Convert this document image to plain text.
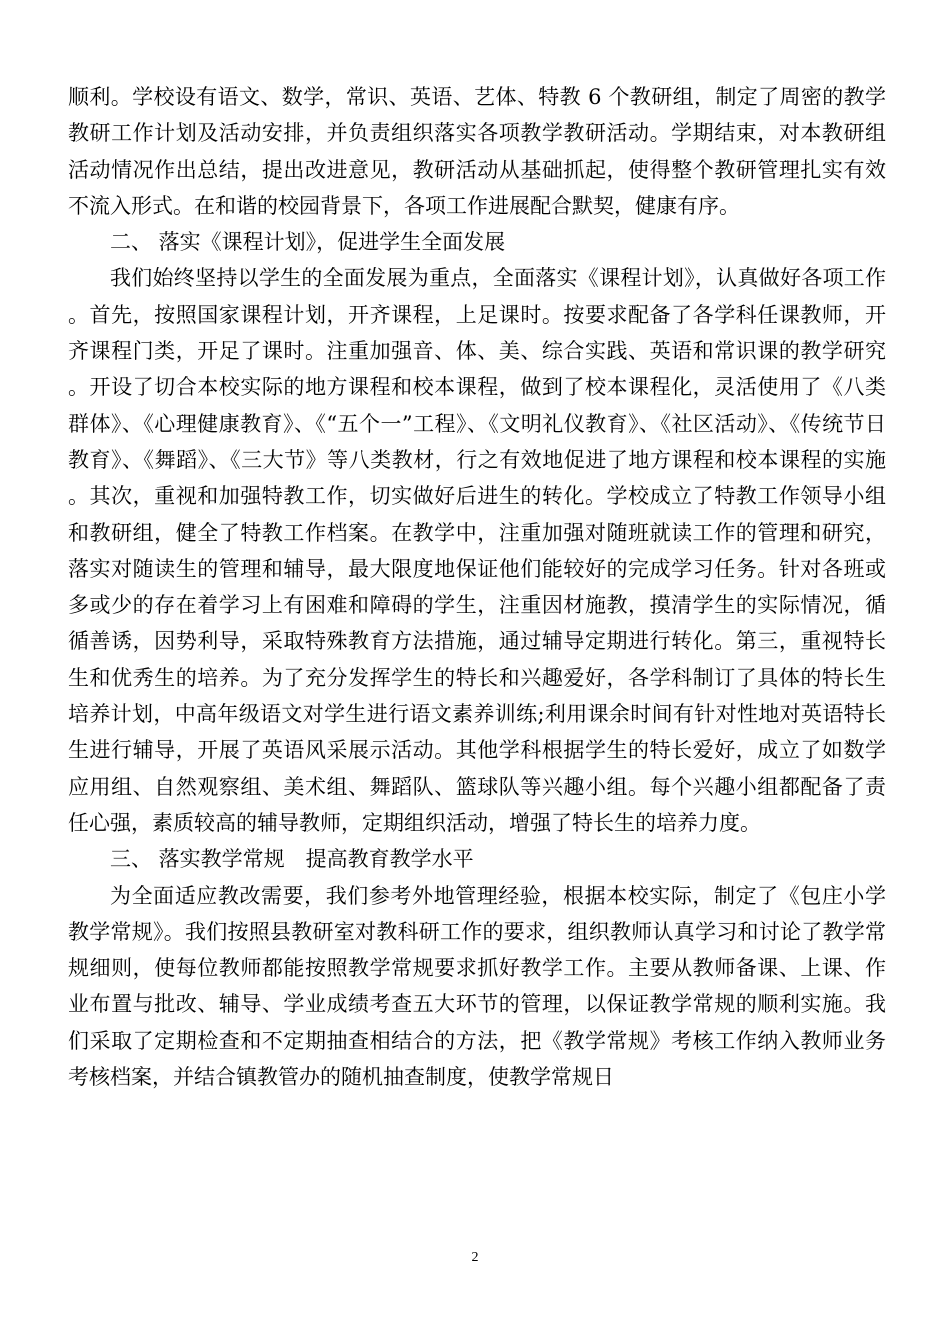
顺利。学校设有语文、数学，常识、英语、艺体、特教 6 个教研组，制定了周密的教学教研工作计划及活动安排，并负责组织落实各项教学教研活动。学期结束，对本教研组活动情况作出总结，提出改进意见，教研活动从基础抓起，使得整个教研管理扎实有效不流入形式。在和谐的校园背景下，各项工作进展配合默契，健康有序。

二、 落实《课程计划》，促进学生全面发展

我们始终坚持以学生的全面发展为重点，全面落实《课程计划》，认真做好各项工作。首先，按照国家课程计划，开齐课程，上足课时。按要求配备了各学科任课教师，开齐课程门类，开足了课时。注重加强音、体、美、综合实践、英语和常识课的教学研究。开设了切合本校实际的地方课程和校本课程，做到了校本课程化，灵活使用了《八类群体》、《心理健康教育》、《“五个一”工程》、《文明礼仪教育》、《社区活动》、《传统节日教育》、《舞蹈》、《三大节》等八类教材，行之有效地促进了地方课程和校本课程的实施。其次，重视和加强特教工作，切实做好后进生的转化。学校成立了特教工作领导小组和教研组，健全了特教工作档案。在教学中，注重加强对随班就读工作的管理和研究，落实对随读生的管理和辅导，最大限度地保证他们能较好的完成学习任务。针对各班或多或少的存在着学习上有困难和障碍的学生，注重因材施教，摸清学生的实际情况，循循善诱，因势利导，采取特殊教育方法措施，通过辅导定期进行转化。第三，重视特长生和优秀生的培养。为了充分发挥学生的特长和兴趣爱好，各学科制订了具体的特长生培养计划，中高年级语文对学生进行语文素养训练;利用课余时间有针对性地对英语特长生进行辅导，开展了英语风采展示活动。其他学科根据学生的特长爱好，成立了如数学应用组、自然观察组、美术组、舞蹈队、篮球队等兴趣小组。每个兴趣小组都配备了责任心强，素质较高的辅导教师，定期组织活动，增强了特长生的培养力度。

三、 落实教学常规　提高教育教学水平

为全面适应教改需要，我们参考外地管理经验，根据本校实际，制定了《包庄小学教学常规》。我们按照县教研室对教科研工作的要求，组织教师认真学习和讨论了教学常规细则，使每位教师都能按照教学常规要求抓好教学工作。主要从教师备课、上课、作业布置与批改、辅导、学业成绩考查五大环节的管理，以保证教学常规的顺利实施。我们采取了定期检查和不定期抽查相结合的方法，把《教学常规》考核工作纳入教师业务考核档案，并结合镇教管办的随机抽查制度，使教学常规日

2
